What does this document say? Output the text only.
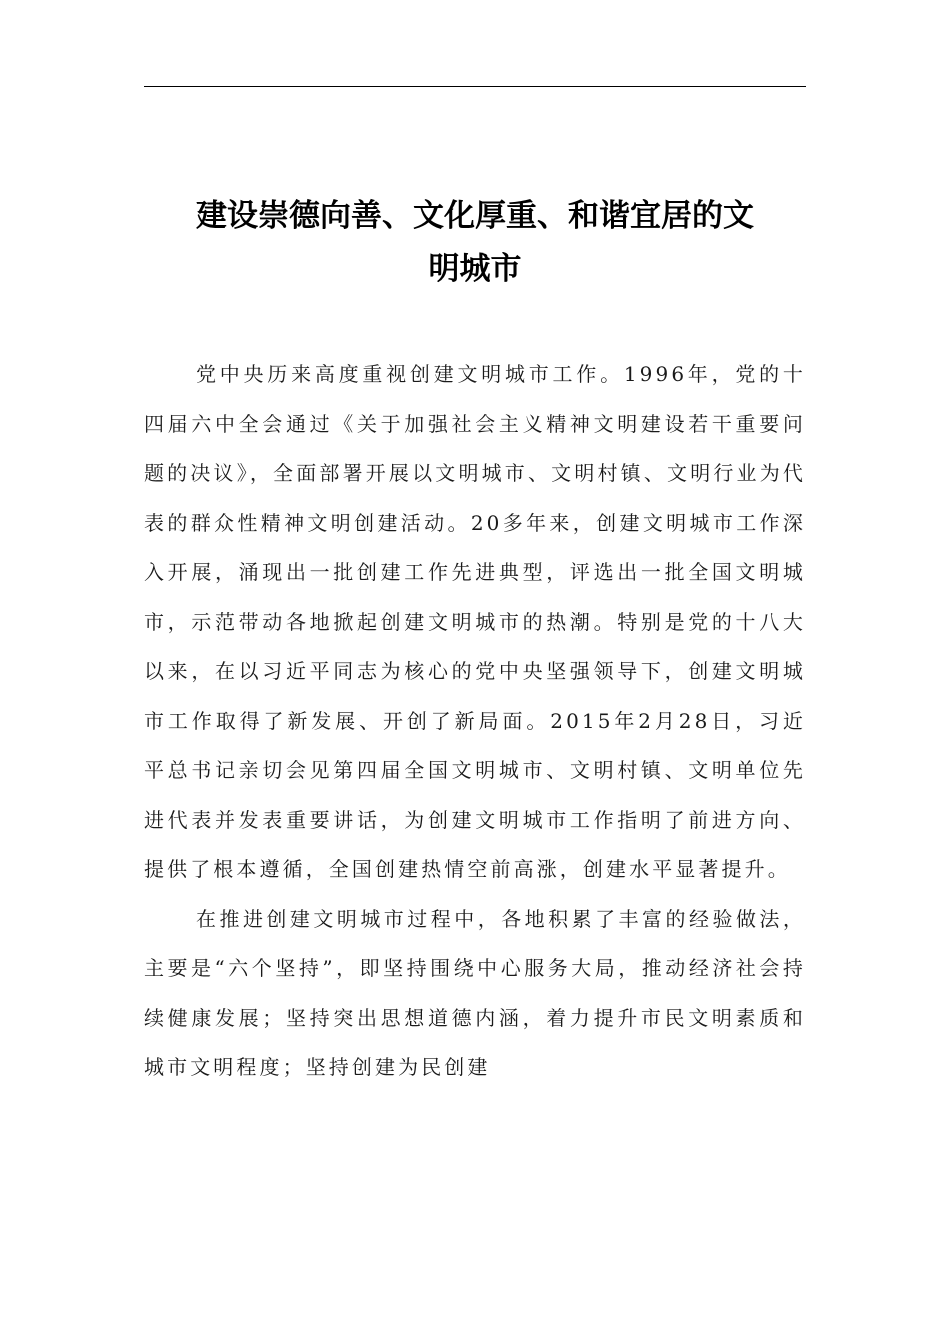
建设崇德向善、文化厚重、和谐宜居的文
明城市

党中央历来高度重视创建文明城市工作。1996年，党的十四届六中全会通过《关于加强社会主义精神文明建设若干重要问题的决议》，全面部署开展以文明城市、文明村镇、文明行业为代表的群众性精神文明创建活动。20多年来，创建文明城市工作深入开展，涌现出一批创建工作先进典型，评选出一批全国文明城市，示范带动各地掀起创建文明城市的热潮。特别是党的十八大以来，在以习近平同志为核心的党中央坚强领导下，创建文明城市工作取得了新发展、开创了新局面。2015年2月28日，习近平总书记亲切会见第四届全国文明城市、文明村镇、文明单位先进代表并发表重要讲话，为创建文明城市工作指明了前进方向、提供了根本遵循，全国创建热情空前高涨，创建水平显著提升。

在推进创建文明城市过程中，各地积累了丰富的经验做法，主要是“六个坚持”，即坚持围绕中心服务大局，推动经济社会持续健康发展；坚持突出思想道德内涵，着力提升市民文明素质和城市文明程度；坚持创建为民创建
